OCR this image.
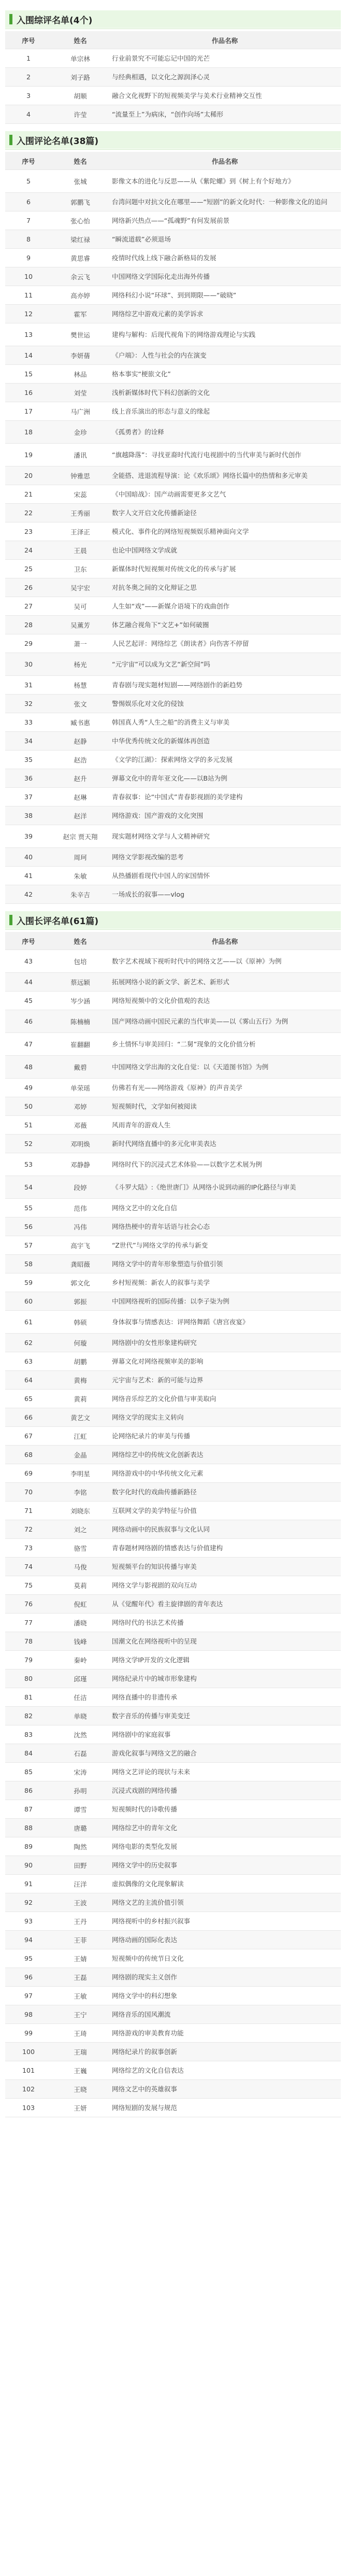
入围综评名单(4个)
序号	姓名	作品名称
1	单宗林	行业前景究不可能忘记中国的光芒
2	刘子路	与经典相遇，以文化之源润泽心灵
3	胡顺	融合文化视野下的短视频美学与美术行业精神交互性
4	许莹	“流量至上”为病床，“创作向场”太稀形
入围评论名单(38篇)
序号	姓名	作品名称
5	张城	影像文本的进化与反思——从《紫陀螺》到《树上有个好地方》
6	郭鹏飞	台湾问题中对抗文化在哪里——“短剧”的新文化时代：一种影像文化的追问
7	张心怡	网络新兴热点——“孤魂野”有何发展前景
8	梁红禄	“瞬流道载”必须退场
9	黄思睿	疫情时代线上线下融合新格局的发展
10	余云飞	中国网络文学国际化走出海外传播
11	高亦婷	网络科幻小说“环球”、到到期限——“破晓”
12	霍军	网络综艺中游戏元素的美学诉求
13	樊世运	建构与解构：后现代视角下的网络游戏理论与实践
14	李妍蒨	《户端》：人性与社会的内在演变
15	林品	格本事实“梗旅文化”
16	刘莹	浅析新媒体时代下科幻创新的文化
17	马广洲	线上音乐演出的形态与意义的缘起
18	金珍	《孤勇者》的诠释
19	潘讯	“旗越降落”：寻找亚裔时代流行电视剧中的当代审美与新时代创作
20	钟雅思	全能搭、进退流程导演：论《欢乐颂》网络长篇中的热情和多元审美
21	宋蕊	《中国暗战》：国产动画需要更多文艺气
22	王秀丽	数字人文开启文化传播新途径
23	王泽正	模式化、事件化的网络短视频娱乐精神面向文学
24	王晨	也论中国网络文学成就
25	卫东	新媒体时代短视频对传统文化的传承与扩展
26	吴宇宏	对抗冬奥之间的文化辩证之思
27	吴可	人生如“戏”——新媒介语境下的戏曲创作
28	吴薰芳	体艺融合视角下“文艺+”如何破圈
29	萧一	人民艺起评：网络综艺《朗读者》向伤害不停留
30	杨光	“元宇宙”可以成为文艺“新空间”吗
31	杨慧	青春剧与现实题材短剧——网络剧作的新趋势
32	张文	警惕娱乐化对文化的侵蚀
33	臧书惠	韩国真人秀“人生之船”的消费主义与审美
34	赵静	中华优秀传统文化的新媒体再创造
35	赵浩	《文学的江湖》：探索网络文学的多元发展
36	赵升	弹幕文化中的青年亚文化——以B站为例
37	赵琳	青春叙事：论“中国式”青春影视剧的美学建构
38	赵洋	网络游戏：国产游戏的文化突围
39	赵宗 贾天翔	现实题材网络文学与人文精神研究
40	周珂	网络文学影视改编的思考
41	朱敏	从热播剧看现代中国人的家国情怀
42	朱辛吉	一场成长的叙事——vlog
入围长评名单(61篇)
序号	姓名	作品名称
43	包培	数字艺术视域下视听时代中的网络文艺——以《原神》为例
44	蔡远颖	拓展网络小说的新文学、新艺术、新形式
45	岑少涵	网络短视频中的文化价值观的表达
46	陈楠楠	国产网络动画中国民元素的当代审美——以《雾山五行》为例
47	崔翻翻	乡土情怀与审美回归：“二舅”现象的文化价值分析
48	戴碧	中国网络文学出海的文化自觉：以《天道图书馆》为例
49	单荣瑶	仿佛若有光——网络游戏《原神》的声音美学
50	邓婷	短视频时代，文学如何被阅读
51	邓薇	风雨青年的游戏人生
52	邓明焕	新时代网络直播中的多元化审美表达
53	邓静静	网络时代下的沉浸式艺术体验——以数字艺术展为例
54	段婷	《斗罗大陆》:《绝世唐门》从网络小说到动画的IP化路径与审美
55	范伟	网络文艺中的文化自信
56	冯伟	网络热梗中的青年话语与社会心态
57	高宇飞	“Z世代”与网络文学的传承与新变
58	龚昭薇	网络文学中的青年形象塑造与价值引领
59	郭文化	乡村短视频：新农人的叙事与美学
60	郭振	中国网络视听的国际传播：以李子柒为例
61	韩硕	身体叙事与情感表达：评网络舞蹈《唐宫夜宴》
62	何璇	网络剧中的女性形象建构研究
63	胡鹏	弹幕文化对网络视频审美的影响
64	黄梅	元宇宙与艺术：新的可能与边界
65	黄莉	网络音乐综艺的文化价值与审美取向
66	黄艺文	网络文学的现实主义转向
67	江虹	论网络纪录片的审美与传播
68	金晶	网络综艺中的传统文化创新表达
69	李明星	网络游戏中的中华传统文化元素
70	李铭	数字化时代的戏曲传播新路径
71	刘晓东	互联网文学的美学特征与价值
72	刘之	网络动画中的民族叙事与文化认同
73	骆雪	青春题材网络剧的情感表达与价值建构
74	马俊	短视频平台的知识传播与审美
75	莫莉	网络文学与影视剧的双向互动
76	倪虹	从《觉醒年代》看主旋律剧的青年表达
77	潘晓	网络时代的书法艺术传播
78	钱峰	国潮文化在网络视听中的呈现
79	秦岭	网络文学IP开发的文化逻辑
80	邱瑾	网络纪录片中的城市形象建构
81	任洁	网络直播中的非遗传承
82	单晓	数字音乐的传播与审美变迁
83	沈然	网络剧中的家庭叙事
84	石磊	游戏化叙事与网络文艺的融合
85	宋涛	网络文艺评论的现状与未来
86	孙明	沉浸式戏剧的网络传播
87	谭雪	短视频时代的诗歌传播
88	唐璐	网络综艺中的青年文化
89	陶然	网络电影的类型化发展
90	田野	网络文学中的历史叙事
91	汪洋	虚拟偶像的文化现象解读
92	王波	网络文艺的主流价值引领
93	王丹	网络视听中的乡村振兴叙事
94	王菲	网络动画的国际化表达
95	王婧	短视频中的传统节日文化
96	王磊	网络剧的现实主义创作
97	王敏	网络文学中的科幻想象
98	王宁	网络音乐的国风潮流
99	王琦	网络游戏的审美教育功能
100	王瑞	网络纪录片的叙事创新
101	王巍	网络综艺的文化自信表达
102	王晓	网络文艺中的英雄叙事
103	王妍	网络短剧的发展与规范
